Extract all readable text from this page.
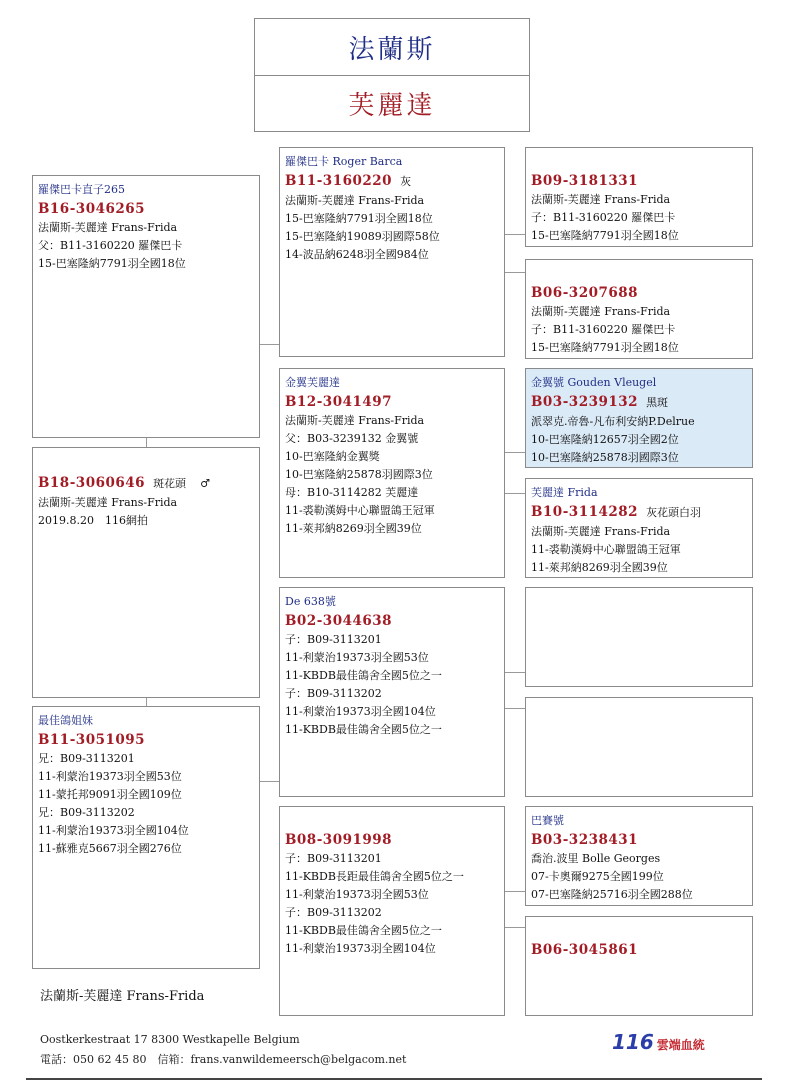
法蘭斯
芙麗達
羅傑巴卡直子265
B16-3046265
法蘭斯-芙麗達 Frans-Frida
父：B11-3160220 羅傑巴卡
15-巴塞隆納7791羽全國18位
B18-3060646 斑花頭 ♂
法蘭斯-芙麗達 Frans-Frida
2019.8.20　116網拍
最佳鴿姐妹
B11-3051095
兄：B09-3113201
11-利蒙治19373羽全國53位
11-蒙托邦9091羽全國109位
兄：B09-3113202
11-利蒙治19373羽全國104位
11-蘇雅克5667羽全國276位
羅傑巴卡 Roger Barca
B11-3160220 灰
法蘭斯-芙麗達 Frans-Frida
15-巴塞隆納7791羽全國18位
15-巴塞隆納19089羽國際58位
14-波品納6248羽全國984位
金翼芙麗達
B12-3041497
法蘭斯-芙麗達 Frans-Frida
父：B03-3239132 金翼號
10-巴塞隆納金翼獎
10-巴塞隆納25878羽國際3位
母：B10-3114282 芙麗達
11-裘勒漢姆中心聯盟鴿王冠軍
11-萊邦納8269羽全國39位
De 638號
B02-3044638
子：B09-3113201
11-利蒙治19373羽全國53位
11-KBDB最佳鴿舍全國5位之一
子：B09-3113202
11-利蒙治19373羽全國104位
11-KBDB最佳鴿舍全國5位之一
B08-3091998
子：B09-3113201
11-KBDB長距最佳鴿舍全國5位之一
11-利蒙治19373羽全國53位
子：B09-3113202
11-KBDB最佳鴿舍全國5位之一
11-利蒙治19373羽全國104位
B09-3181331
法蘭斯-芙麗達 Frans-Frida
子：B11-3160220 羅傑巴卡
15-巴塞隆納7791羽全國18位
B06-3207688
法蘭斯-芙麗達 Frans-Frida
子：B11-3160220 羅傑巴卡
15-巴塞隆納7791羽全國18位
金翼號 Gouden Vleugel
B03-3239132 黑斑
派翠克.帝魯-凡布利安納P.Delrue
10-巴塞隆納12657羽全國2位
10-巴塞隆納25878羽國際3位
芙麗達 Frida
B10-3114282 灰花頭白羽
法蘭斯-芙麗達 Frans-Frida
11-裘勒漢姆中心聯盟鴿王冠軍
11-萊邦納8269羽全國39位
巴賽號
B03-3238431
喬治.波里 Bolle Georges
07-卡奧爾9275全國199位
07-巴塞隆納25716羽全國288位
B06-3045861
法蘭斯-芙麗達 Frans-Frida
Oostkerkestraat 17 8300 Westkapelle Belgium
電話：050 62 45 80　信箱：frans.vanwildemeersch@belgacom.net
116 雲端血統
